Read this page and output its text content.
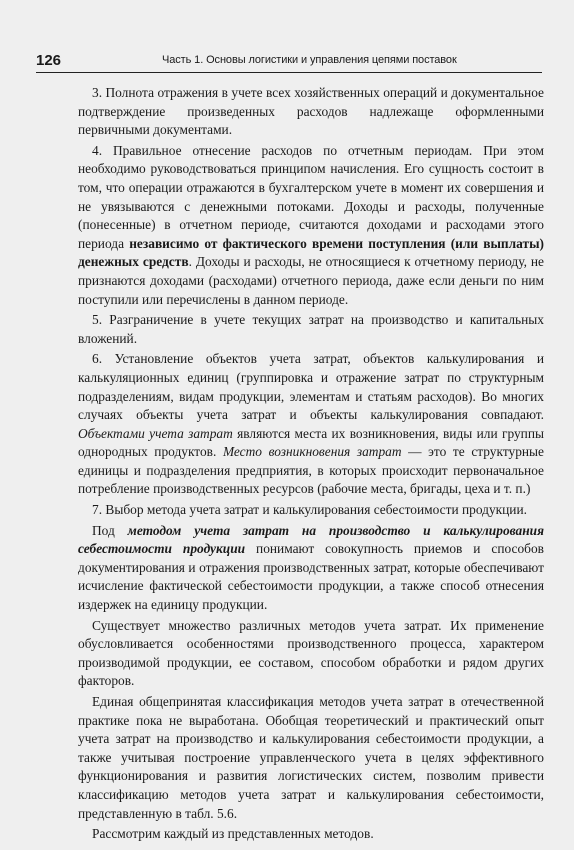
126	Часть 1. Основы логистики и управления цепями поставок

3. Полнота отражения в учете всех хозяйственных операций и документальное подтверждение произведенных расходов надлежаще оформленными первичными документами.

4. Правильное отнесение расходов по отчетным периодам. При этом необходимо руководствоваться принципом начисления. Его сущность состоит в том, что операции отражаются в бухгалтерском учете в момент их совершения и не увязываются с денежными потоками. Доходы и расходы, полученные (понесенные) в отчетном периоде, считаются доходами и расходами этого периода независимо от фактического времени поступления (или выплаты) денежных средств. Доходы и расходы, не относящиеся к отчетному периоду, не признаются доходами (расходами) отчетного периода, даже если деньги по ним поступили или перечислены в данном периоде.

5. Разграничение в учете текущих затрат на производство и капитальных вложений.

6. Установление объектов учета затрат, объектов калькулирования и калькуляционных единиц (группировка и отражение затрат по структурным подразделениям, видам продукции, элементам и статьям расходов). Во многих случаях объекты учета затрат и объекты калькулирования совпадают. Объектами учета затрат являются места их возникновения, виды или группы однородных продуктов. Место возникновения затрат — это те структурные единицы и подразделения предприятия, в которых происходит первоначальное потребление производственных ресурсов (рабочие места, бригады, цеха и т. п.)

7. Выбор метода учета затрат и калькулирования себестоимости продукции.

Под методом учета затрат на производство и калькулирования себестоимости продукции понимают совокупность приемов и способов документирования и отражения производственных затрат, которые обеспечивают исчисление фактической себестоимости продукции, а также способ отнесения издержек на единицу продукции.

Существует множество различных методов учета затрат. Их применение обусловливается особенностями производственного процесса, характером производимой продукции, ее составом, способом обработки и рядом других факторов.

Единая общепринятая классификация методов учета затрат в отечественной практике пока не выработана. Обобщая теоретический и практический опыт учета затрат на производство и калькулирования себестоимости продукции, а также учитывая построение управленческого учета в целях эффективного функционирования и развития логистических систем, позволим привести классификацию методов учета затрат и калькулирования себестоимости, представленную в табл. 5.6.

Рассмотрим каждый из представленных методов.
